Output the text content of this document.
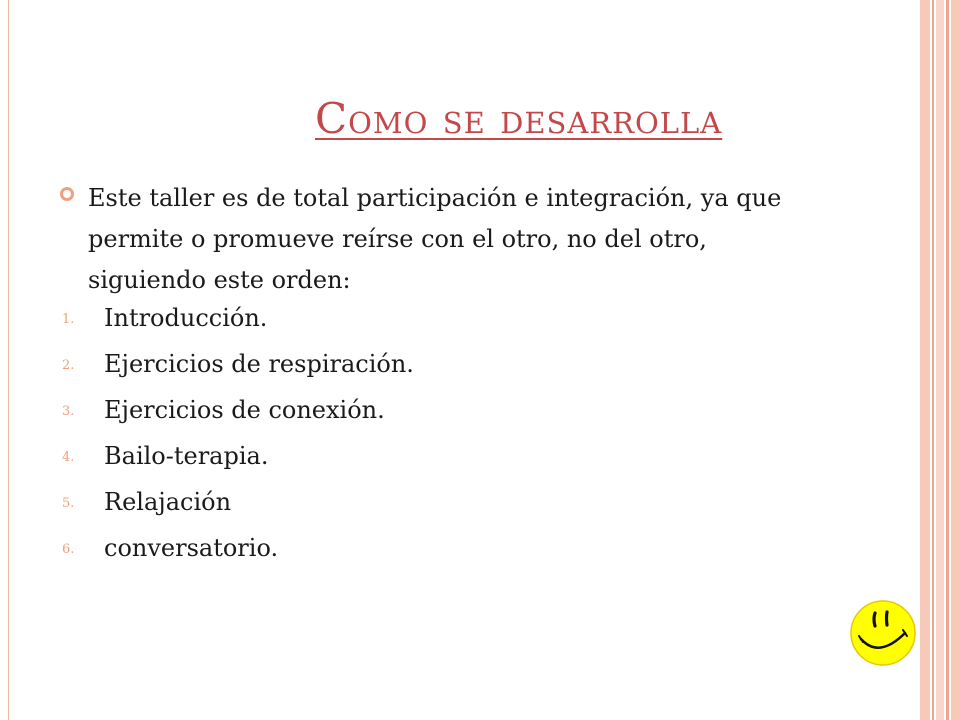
Como se desarrolla
Este taller es de total participación e integración, ya que permite o promueve reírse con el otro, no del otro, siguiendo este orden:
1. Introducción.
2. Ejercicios de respiración.
3. Ejercicios de conexión.
4. Bailo-terapia.
5. Relajación
6. conversatorio.
